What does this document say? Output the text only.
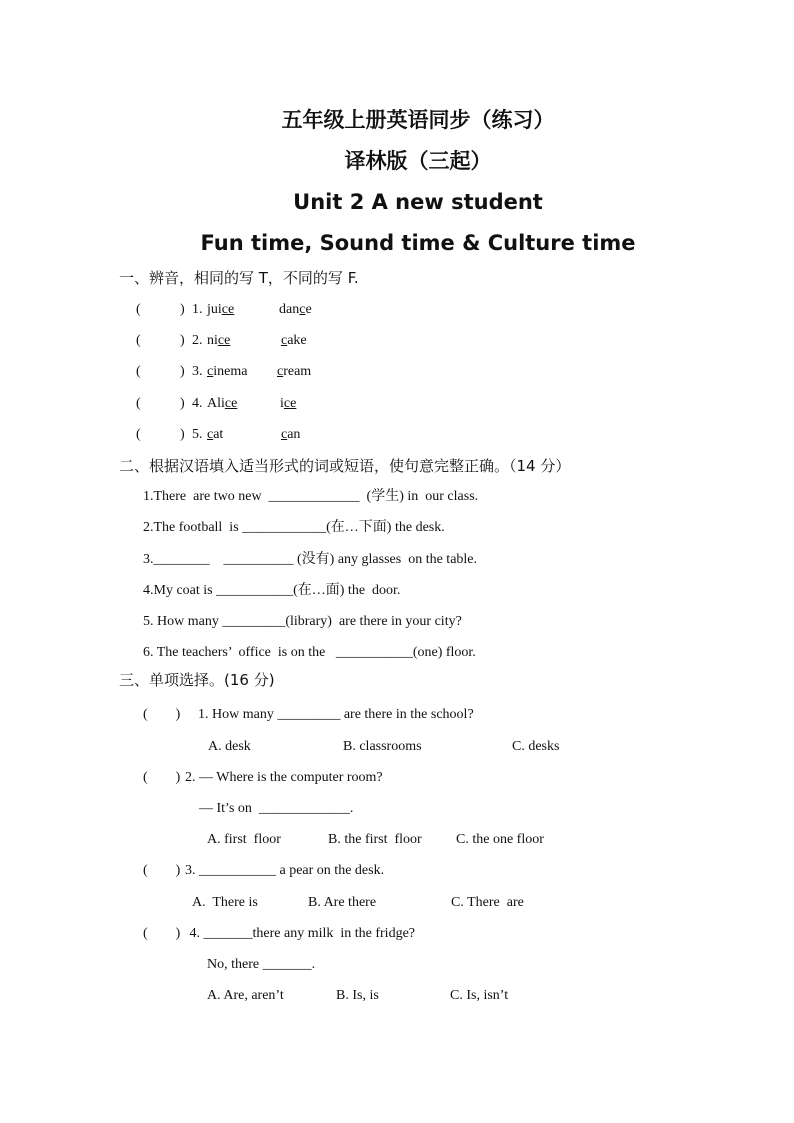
五年级上册英语同步（练习）
译林版（三起）
Unit 2 A new student
Fun time, Sound time & Culture time
一、辨音，相同的写 T，不同的写 F.
(	) 1. juice	dance
(	) 2. nice	cake
(	) 3. cinema cream
(	) 4. Alice	ice
(	) 5. cat	can
二、根据汉语填入适当形式的词或短语，使句意完整正确。（14 分）
1.There  are two new  _____________  (学生) in  our class.
2.The football  is ____________(在…下面) the desk.
3.________    __________ (没有) any glasses  on the table.
4.My coat is ___________(在…面) the  door.
5. How many _________(library)  are there in your city?
6. The teachers’  office  is on the   ___________(one) floor.
三、单项选择。(16 分)
(        ) 1. How many _________ are there in the school?
A. desk	B. classrooms	C. desks
(        ) 2. — Where is the computer room?
— It’s on  _____________.
A. first  floor	B. the first  floor C. the one floor
(        ) 3. ___________ a pear on the desk.
A.  There is	B. Are there	C. There  are
(        ) 4. _______there any milk  in the fridge?
No, there _______.
A. Are, aren’t	B. Is, is	C. Is, isn’t
